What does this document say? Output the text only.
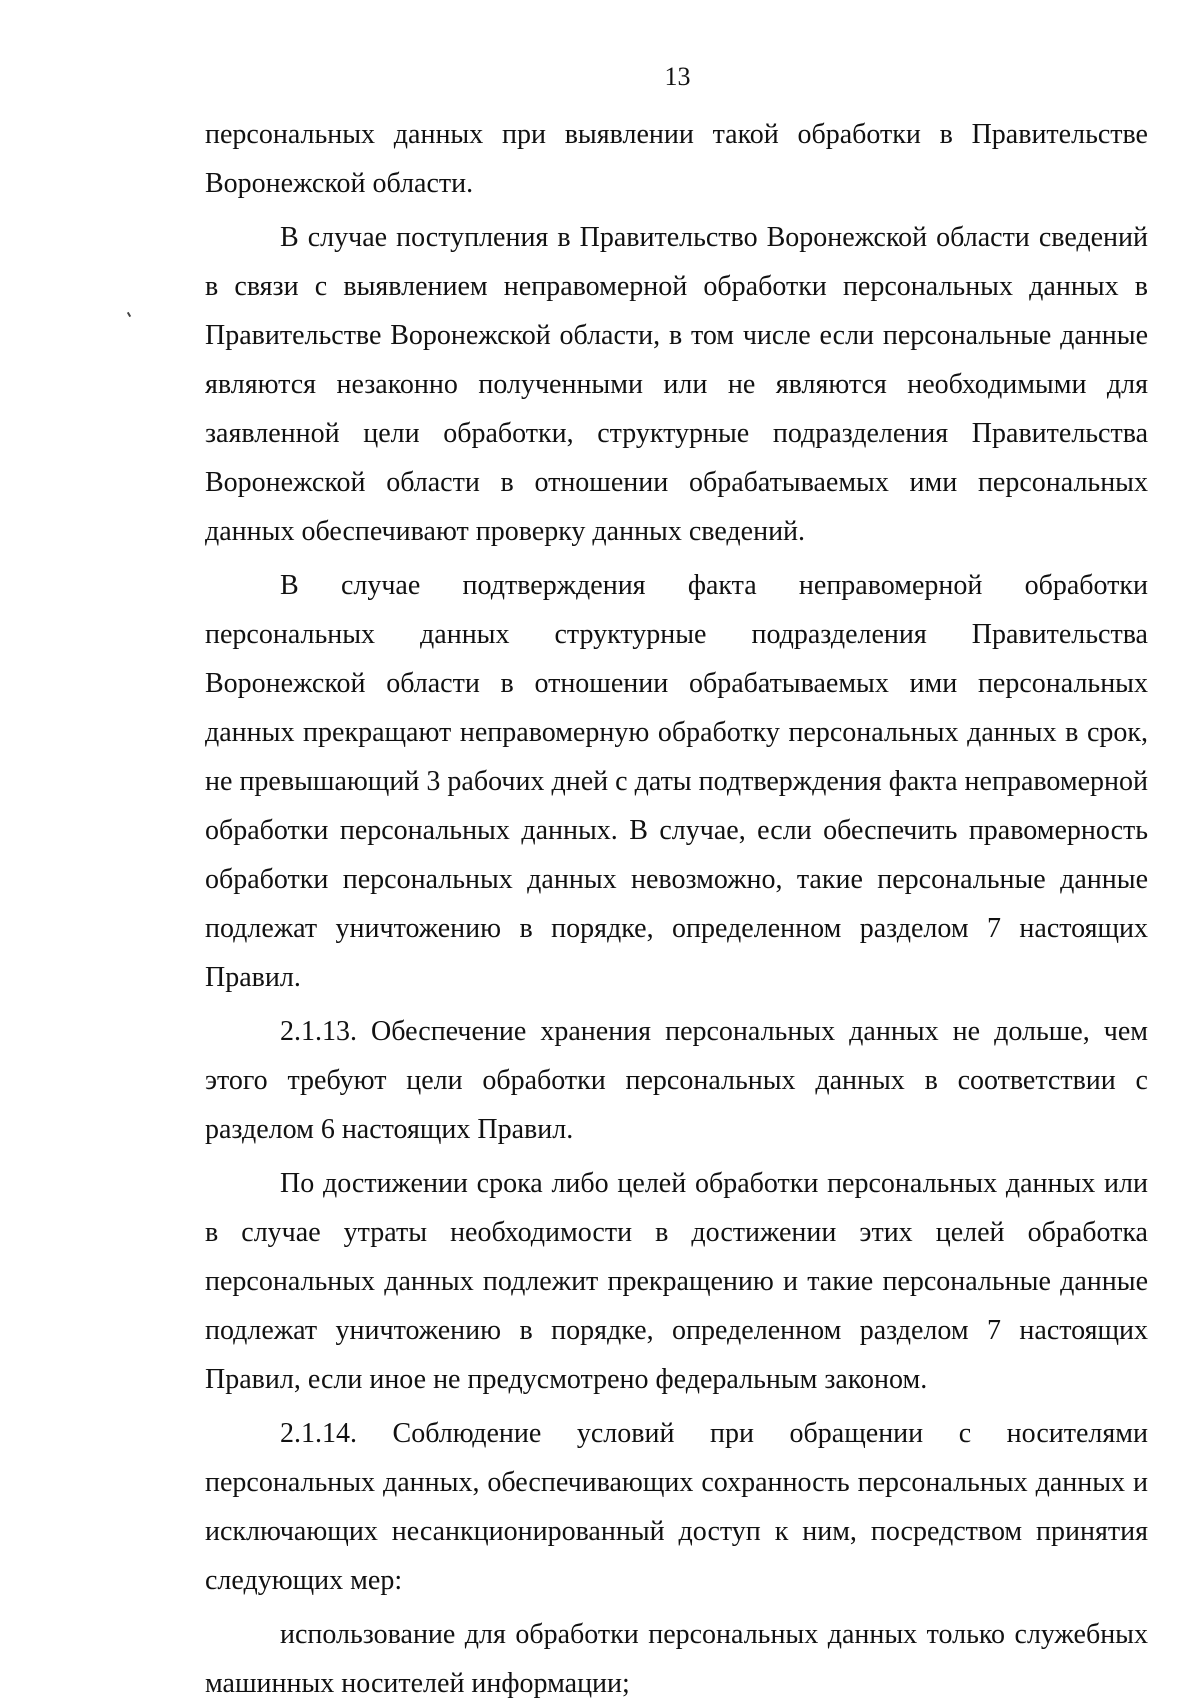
13

персональных данных при выявлении такой обработки в Правительстве Воронежской области.

В случае поступления в Правительство Воронежской области сведений в связи с выявлением неправомерной обработки персональных данных в Правительстве Воронежской области, в том числе если персональные данные являются незаконно полученными или не являются необходимыми для заявленной цели обработки, структурные подразделения Правительства Воронежской области в отношении обрабатываемых ими персональных данных обеспечивают проверку данных сведений.

В случае подтверждения факта неправомерной обработки персональных данных структурные подразделения Правительства Воронежской области в отношении обрабатываемых ими персональных данных прекращают неправомерную обработку персональных данных в срок, не превышающий 3 рабочих дней с даты подтверждения факта неправомерной обработки персональных данных. В случае, если обеспечить правомерность обработки персональных данных невозможно, такие персональные данные подлежат уничтожению в порядке, определенном разделом 7 настоящих Правил.

2.1.13. Обеспечение хранения персональных данных не дольше, чем этого требуют цели обработки персональных данных в соответствии с разделом 6 настоящих Правил.

По достижении срока либо целей обработки персональных данных или в случае утраты необходимости в достижении этих целей обработка персональных данных подлежит прекращению и такие персональные данные подлежат уничтожению в порядке, определенном разделом 7 настоящих Правил, если иное не предусмотрено федеральным законом.

2.1.14. Соблюдение условий при обращении с носителями персональных данных, обеспечивающих сохранность персональных данных и исключающих несанкционированный доступ к ним, посредством принятия следующих мер:

использование для обработки персональных данных только служебных машинных носителей информации;
